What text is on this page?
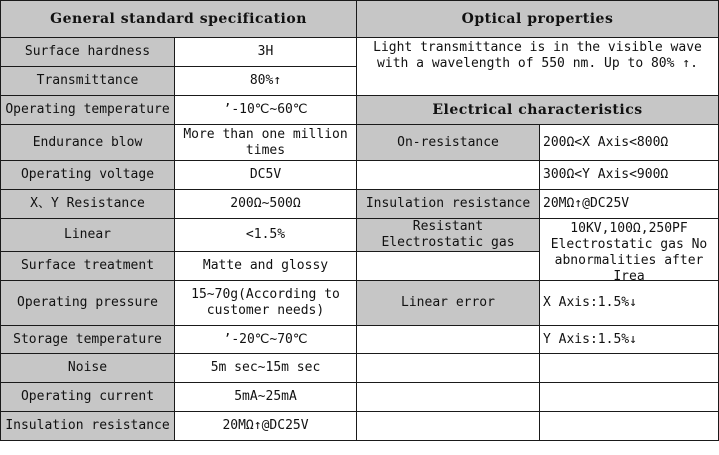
General standard specification		Optical properties	
Surface hardness	3H	Light transmittance is in the visible wave with a wavelength of 550 nm. Up to 80% ↑.	
Transmittance	80%↑		
Operating temperature	’-10℃~60℃	Electrical characteristics	
Endurance blow	More than one million times	On-resistance	200Ω<X Axis<800Ω
Operating voltage	DC5V		300Ω<Y Axis<900Ω
X、Y Resistance	200Ω~500Ω	Insulation resistance	20MΩ↑@DC25V
Linear	<1.5%	Resistant Electrostatic gas	10KV,100Ω,250PF Electrostatic gas No abnormalities after Irea

Surface treatment	Matte and glossy		
Operating pressure	15~70g(According to customer needs)	Linear error	X Axis:1.5%↓
Storage temperature	’-20℃~70℃		Y Axis:1.5%↓
Noise	5m sec~15m sec		
Operating current	5mA~25mA		
Insulation resistance	20MΩ↑@DC25V		
